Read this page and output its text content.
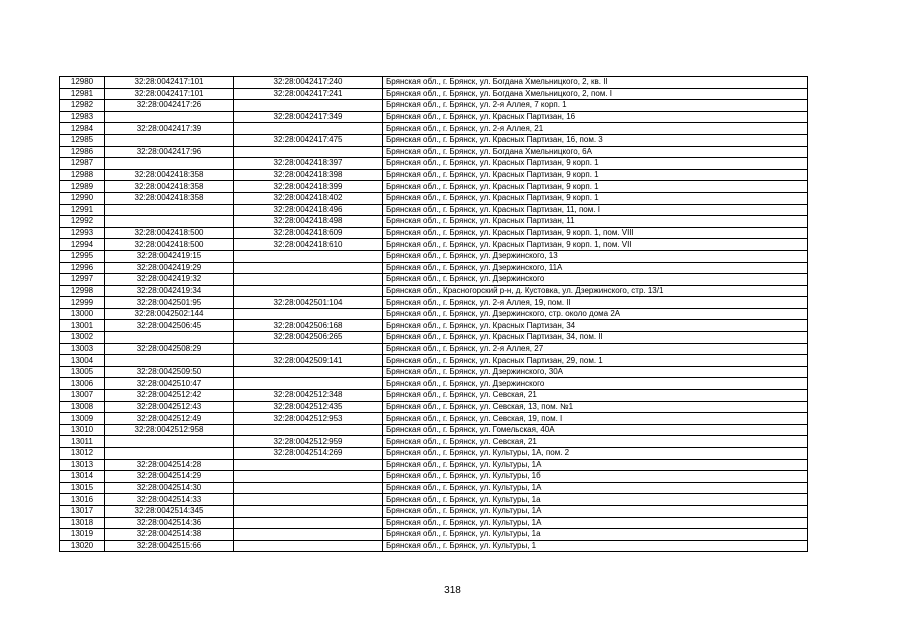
12980	32:28:0042417:101	32:28:0042417:240	Брянская обл., г. Брянск, ул. Богдана Хмельницкого, 2, кв. II
12981	32:28:0042417:101	32:28:0042417:241	Брянская обл., г. Брянск, ул. Богдана Хмельницкого, 2, пом. I
12982	32:28:0042417:26		Брянская обл., г. Брянск, ул. 2-я Аллея, 7 корп. 1
12983		32:28:0042417:349	Брянская обл., г. Брянск, ул. Красных Партизан, 16
12984	32:28:0042417:39		Брянская обл., г. Брянск, ул. 2-я Аллея, 21
12985		32:28:0042417:475	Брянская обл., г. Брянск, ул. Красных Партизан, 16, пом. 3
12986	32:28:0042417:96		Брянская обл., г. Брянск, ул. Богдана Хмельницкого, 6А
12987		32:28:0042418:397	Брянская обл., г. Брянск, ул. Красных Партизан, 9 корп. 1
12988	32:28:0042418:358	32:28:0042418:398	Брянская обл., г. Брянск, ул. Красных Партизан, 9 корп. 1
12989	32:28:0042418:358	32:28:0042418:399	Брянская обл., г. Брянск, ул. Красных Партизан, 9 корп. 1
12990	32:28:0042418:358	32:28:0042418:402	Брянская обл., г. Брянск, ул. Красных Партизан, 9 корп. 1
12991		32:28:0042418:496	Брянская обл., г. Брянск, ул. Красных Партизан, 11, пом. I
12992		32:28:0042418:498	Брянская обл., г. Брянск, ул. Красных Партизан, 11
12993	32:28:0042418:500	32:28:0042418:609	Брянская обл., г. Брянск, ул. Красных Партизан, 9 корп. 1, пом. VIII
12994	32:28:0042418:500	32:28:0042418:610	Брянская обл., г. Брянск, ул. Красных Партизан, 9 корп. 1, пом. VII
12995	32:28:0042419:15		Брянская обл., г. Брянск, ул. Дзержинского, 13
12996	32:28:0042419:29		Брянская обл., г. Брянск, ул. Дзержинского, 11А
12997	32:28:0042419:32		Брянская обл., г. Брянск, ул. Дзержинского
12998	32:28:0042419:34		Брянская обл., Красногорский р-н, д. Кустовка, ул. Дзержинского, стр. 13/1
12999	32:28:0042501:95	32:28:0042501:104	Брянская обл., г. Брянск, ул. 2-я Аллея, 19, пом. II
13000	32:28:0042502:144		Брянская обл., г. Брянск, ул. Дзержинского, стр. около дома 2А
13001	32:28:0042506:45	32:28:0042506:168	Брянская обл., г. Брянск, ул. Красных Партизан, 34
13002		32:28:0042506:265	Брянская обл., г. Брянск, ул. Красных Партизан, 34, пом. II
13003	32:28:0042508:29		Брянская обл., г. Брянск, ул. 2-я Аллея, 27
13004		32:28:0042509:141	Брянская обл., г. Брянск, ул. Красных Партизан, 29, пом. 1
13005	32:28:0042509:50		Брянская обл., г. Брянск, ул. Дзержинского, 30А
13006	32:28:0042510:47		Брянская обл., г. Брянск, ул. Дзержинского
13007	32:28:0042512:42	32:28:0042512:348	Брянская обл., г. Брянск, ул. Севская, 21
13008	32:28:0042512:43	32:28:0042512:435	Брянская обл., г. Брянск, ул. Севская, 13, пом. №1
13009	32:28:0042512:49	32:28:0042512:953	Брянская обл., г. Брянск, ул. Севская, 19, пом. I
13010	32:28:0042512:958		Брянская обл., г. Брянск, ул. Гомельская, 40А
13011		32:28:0042512:959	Брянская обл., г. Брянск, ул. Севская, 21
13012		32:28:0042514:269	Брянская обл., г. Брянск, ул. Культуры, 1А, пом. 2
13013	32:28:0042514:28		Брянская обл., г. Брянск, ул. Культуры, 1А
13014	32:28:0042514:29		Брянская обл., г. Брянск, ул. Культуры, 1б
13015	32:28:0042514:30		Брянская обл., г. Брянск, ул. Культуры, 1А
13016	32:28:0042514:33		Брянская обл., г. Брянск, ул. Культуры, 1а
13017	32:28:0042514:345		Брянская обл., г. Брянск, ул. Культуры, 1А
13018	32:28:0042514:36		Брянская обл., г. Брянск, ул. Культуры, 1А
13019	32:28:0042514:38		Брянская обл., г. Брянск, ул. Культуры, 1а
13020	32:28:0042515:66		Брянская обл., г. Брянск, ул. Культуры, 1
318
